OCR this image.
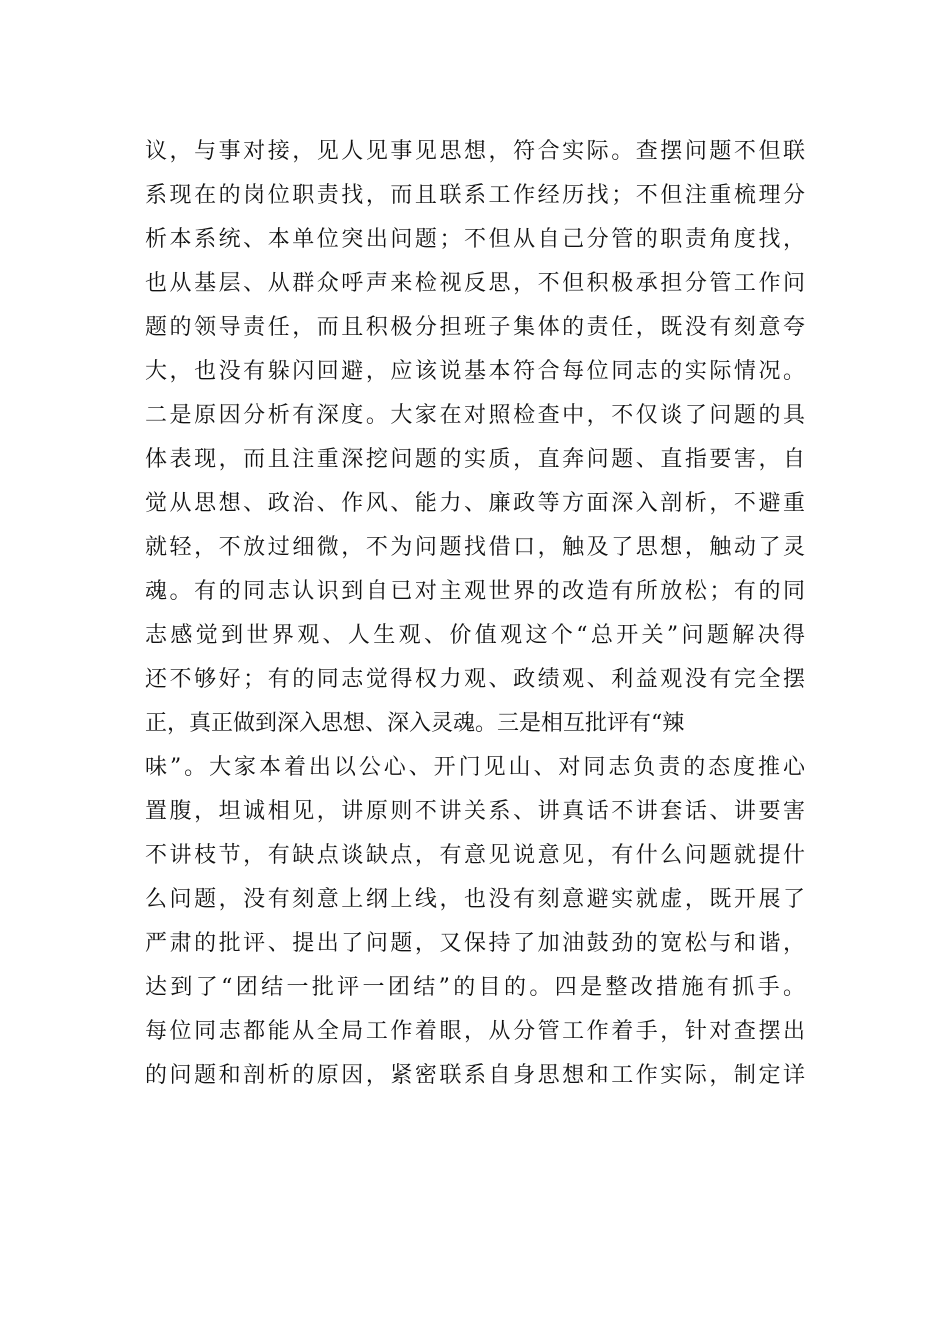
议，与事对接，见人见事见思想，符合实际。查摆问题不但联
系现在的岗位职责找，而且联系工作经历找；不但注重梳理分
析本系统、本单位突出问题；不但从自己分管的职责角度找，
也从基层、从群众呼声来检视反思，不但积极承担分管工作问
题的领导责任，而且积极分担班子集体的责任，既没有刻意夸
大，也没有躲闪回避，应该说基本符合每位同志的实际情况。
二是原因分析有深度。大家在对照检查中，不仅谈了问题的具
体表现，而且注重深挖问题的实质，直奔问题、直指要害，自
觉从思想、政治、作风、能力、廉政等方面深入剖析，不避重
就轻，不放过细微，不为问题找借口，触及了思想，触动了灵
魂。有的同志认识到自已对主观世界的改造有所放松；有的同
志感觉到世界观、人生观、价值观这个“总开关”问题解决得
还不够好；有的同志觉得权力观、政绩观、利益观没有完全摆
正，真正做到深入思想、深入灵魂。三是相互批评有“辣
味”。大家本着出以公心、开门见山、对同志负责的态度推心
置腹，坦诚相见，讲原则不讲关系、讲真话不讲套话、讲要害
不讲枝节，有缺点谈缺点，有意见说意见，有什么问题就提什
么问题，没有刻意上纲上线，也没有刻意避实就虚，既开展了
严肃的批评、提出了问题，又保持了加油鼓劲的宽松与和谐，
达到了“团结一批评一团结”的目的。四是整改措施有抓手。
每位同志都能从全局工作着眼，从分管工作着手，针对查摆出
的问题和剖析的原因，紧密联系自身思想和工作实际，制定详
